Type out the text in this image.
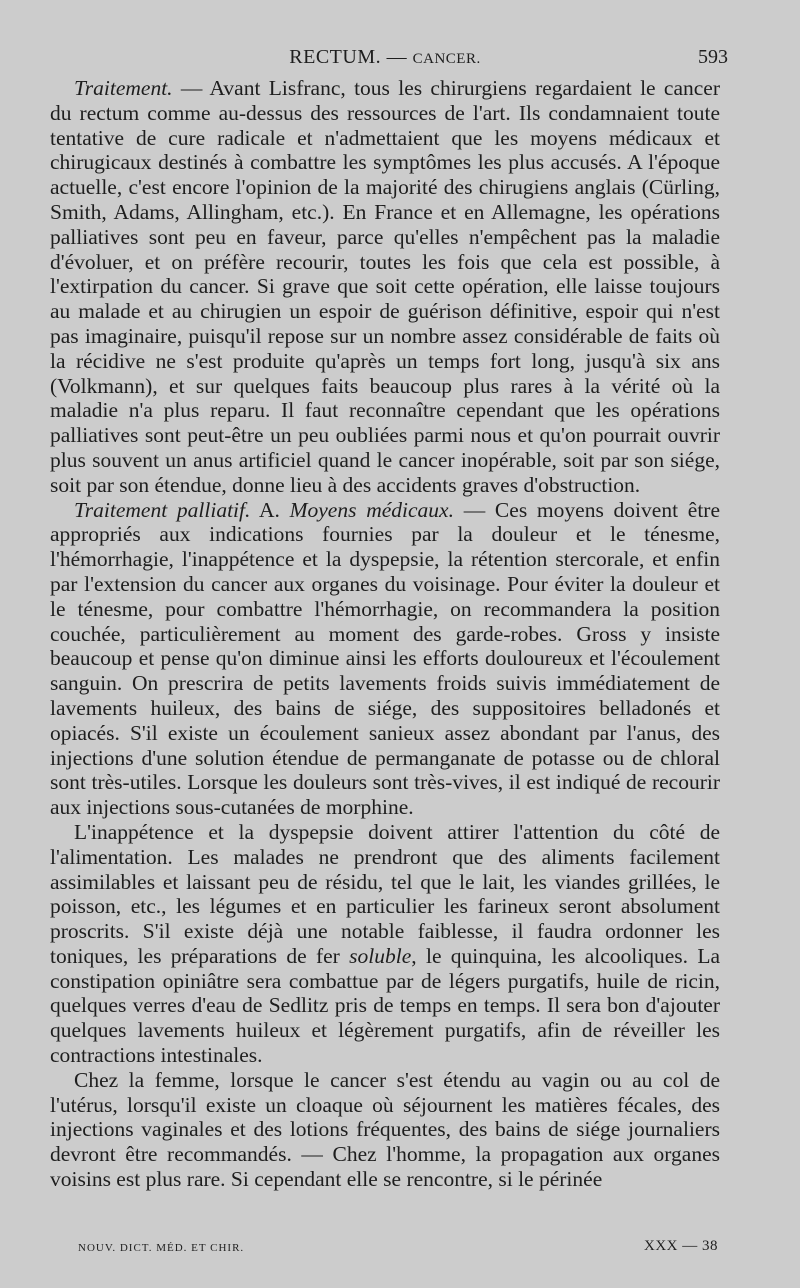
RECTUM. — CANCER.	593

Traitement. — Avant Lisfranc, tous les chirurgiens regardaient le cancer du rectum comme au-dessus des ressources de l'art. Ils condamnaient toute tentative de cure radicale et n'admettaient que les moyens médicaux et chirugicaux destinés à combattre les symptômes les plus accusés. A l'époque actuelle, c'est encore l'opinion de la majorité des chirugiens anglais (Cürling, Smith, Adams, Allingham, etc.). En France et en Allemagne, les opérations palliatives sont peu en faveur, parce qu'elles n'empêchent pas la maladie d'évoluer, et on préfère recourir, toutes les fois que cela est possible, à l'extirpation du cancer. Si grave que soit cette opération, elle laisse toujours au malade et au chirugien un espoir de guérison définitive, espoir qui n'est pas imaginaire, puisqu'il repose sur un nombre assez considérable de faits où la récidive ne s'est produite qu'après un temps fort long, jusqu'à six ans (Volkmann), et sur quelques faits beaucoup plus rares à la vérité où la maladie n'a plus reparu. Il faut reconnaître cependant que les opérations palliatives sont peut-être un peu oubliées parmi nous et qu'on pourrait ouvrir plus souvent un anus artificiel quand le cancer inopérable, soit par son siége, soit par son étendue, donne lieu à des accidents graves d'obstruction.

Traitement palliatif. A. Moyens médicaux. — Ces moyens doivent être appropriés aux indications fournies par la douleur et le ténesme, l'hémorrhagie, l'inappétence et la dyspepsie, la rétention stercorale, et enfin par l'extension du cancer aux organes du voisinage. Pour éviter la douleur et le ténesme, pour combattre l'hémorrhagie, on recommandera la position couchée, particulièrement au moment des garde-robes. Gross y insiste beaucoup et pense qu'on diminue ainsi les efforts douloureux et l'écoulement sanguin. On prescrira de petits lavements froids suivis immédiatement de lavements huileux, des bains de siége, des suppositoires belladonés et opiacés. S'il existe un écoulement sanieux assez abondant par l'anus, des injections d'une solution étendue de permanganate de potasse ou de chloral sont très-utiles. Lorsque les douleurs sont très-vives, il est indiqué de recourir aux injections sous-cutanées de morphine.

L'inappétence et la dyspepsie doivent attirer l'attention du côté de l'alimentation. Les malades ne prendront que des aliments facilement assimilables et laissant peu de résidu, tel que le lait, les viandes grillées, le poisson, etc., les légumes et en particulier les farineux seront absolument proscrits. S'il existe déjà une notable faiblesse, il faudra ordonner les toniques, les préparations de fer soluble, le quinquina, les alcooliques. La constipation opiniâtre sera combattue par de légers purgatifs, huile de ricin, quelques verres d'eau de Sedlitz pris de temps en temps. Il sera bon d'ajouter quelques lavements huileux et légèrement purgatifs, afin de réveiller les contractions intestinales.

Chez la femme, lorsque le cancer s'est étendu au vagin ou au col de l'utérus, lorsqu'il existe un cloaque où séjournent les matières fécales, des injections vaginales et des lotions fréquentes, des bains de siége journaliers devront être recommandés. — Chez l'homme, la propagation aux organes voisins est plus rare. Si cependant elle se rencontre, si le périnée

NOUV. DICT. MÉD. ET CHIR.	XXX — 38
